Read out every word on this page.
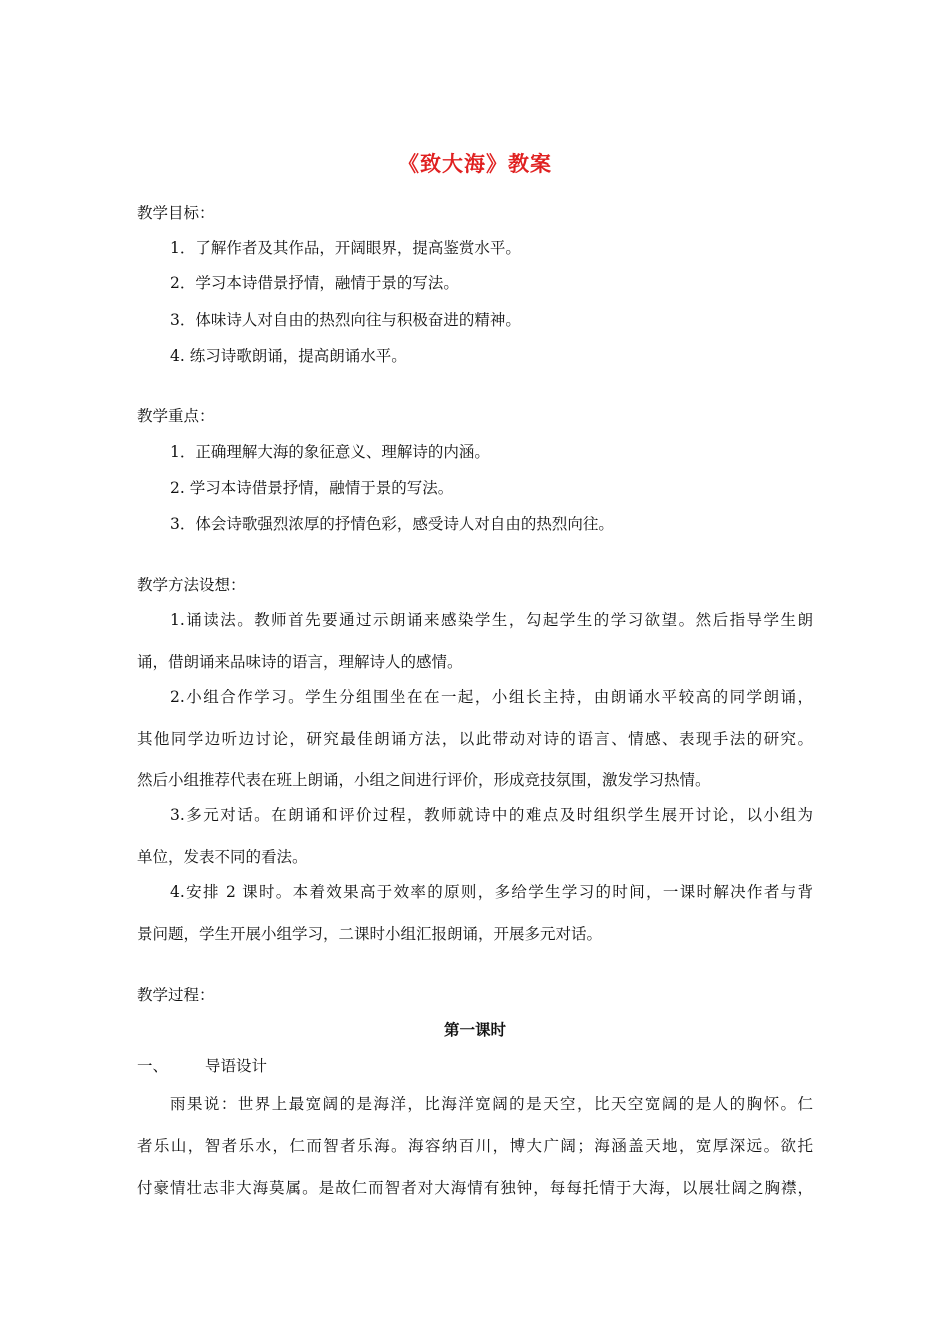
《致大海》教案
教学目标：
1．了解作者及其作品，开阔眼界，提高鉴赏水平。
2．学习本诗借景抒情，融情于景的写法。
3．体味诗人对自由的热烈向往与积极奋进的精神。
4. 练习诗歌朗诵，提高朗诵水平。
教学重点：
1．正确理解大海的象征意义、理解诗的内涵。
2. 学习本诗借景抒情，融情于景的写法。
3．体会诗歌强烈浓厚的抒情色彩，感受诗人对自由的热烈向往。
教学方法设想：
1.诵读法。教师首先要通过示朗诵来感染学生，勾起学生的学习欲望。然后指导学生朗
诵，借朗诵来品味诗的语言，理解诗人的感情。
2.小组合作学习。学生分组围坐在在一起，小组长主持，由朗诵水平较高的同学朗诵，
其他同学边听边讨论，研究最佳朗诵方法，以此带动对诗的语言、情感、表现手法的研究。
然后小组推荐代表在班上朗诵，小组之间进行评价，形成竞技氛围，激发学习热情。
3.多元对话。在朗诵和评价过程，教师就诗中的难点及时组织学生展开讨论，以小组为
单位，发表不同的看法。
4.安排 2 课时。本着效果高于效率的原则，多给学生学习的时间，一课时解决作者与背
景问题，学生开展小组学习，二课时小组汇报朗诵，开展多元对话。
教学过程：
第一课时
一、 导语设计
雨果说：世界上最宽阔的是海洋，比海洋宽阔的是天空，比天空宽阔的是人的胸怀。仁
者乐山，智者乐水，仁而智者乐海。海容纳百川，博大广阔；海涵盖天地，宽厚深远。欲托
付豪情壮志非大海莫属。是故仁而智者对大海情有独钟，每每托情于大海，以展壮阔之胸襟，
